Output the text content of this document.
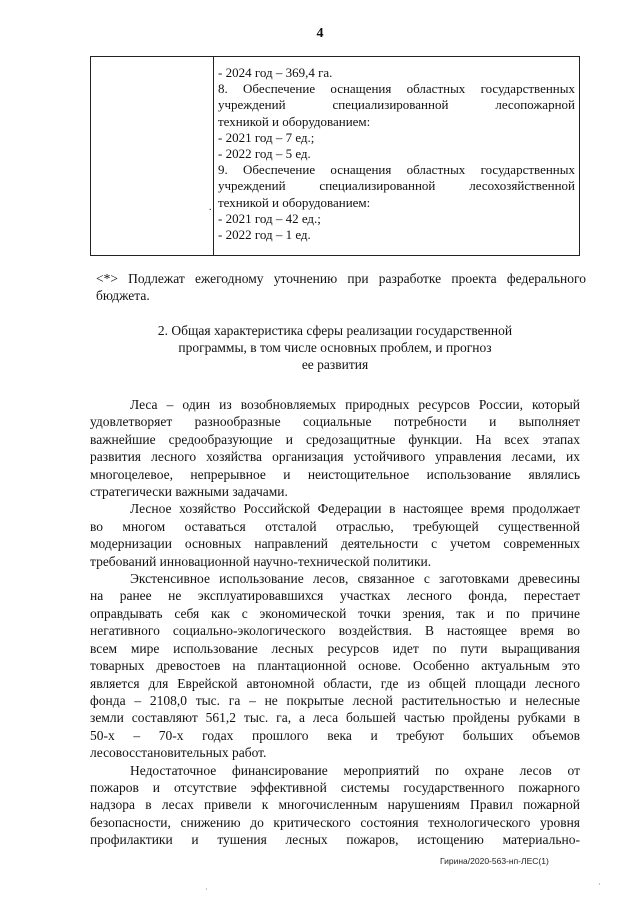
4
.
- 2024 год – 369,4 га.
8. Обеспечение оснащения областных государственных
учреждений специализированной лесопожарной
техникой и оборудованием:
- 2021 год – 7 ед.;
- 2022 год – 5 ед.
9. Обеспечение оснащения областных государственных
учреждений специализированной лесохозяйственной
техникой и оборудованием:
- 2021 год – 42 ед.;
- 2022 год – 1 ед.
<*> Подлежат ежегодному уточнению при разработке проекта федерального
бюджета.
2. Общая характеристика сферы реализации государственной
программы, в том числе основных проблем, и прогноз
ее развития
Леса – один из возобновляемых природных ресурсов России, который
удовлетворяет разнообразные социальные потребности и выполняет
важнейшие средообразующие и средозащитные функции. На всех этапах
развития лесного хозяйства организация устойчивого управления лесами, их
многоцелевое, непрерывное и неистощительное использование являлись
стратегически важными задачами.
Лесное хозяйство Российской Федерации в настоящее время продолжает
во многом оставаться отсталой отраслью, требующей существенной
модернизации основных направлений деятельности с учетом современных
требований инновационной научно-технической политики.
Экстенсивное использование лесов, связанное с заготовками древесины
на ранее не эксплуатировавшихся участках лесного фонда, перестает
оправдывать себя как с экономической точки зрения, так и по причине
негативного социально-экологического воздействия. В настоящее время во
всем мире использование лесных ресурсов идет по пути выращивания
товарных древостоев на плантационной основе. Особенно актуальным это
является для Еврейской автономной области, где из общей площади лесного
фонда – 2108,0 тыс. га – не покрытые лесной растительностью и нелесные
земли составляют 561,2 тыс. га, а леса большей частью пройдены рубками в
50-х – 70-х годах прошлого века и требуют больших объемов
лесовосстановительных работ.
Недостаточное финансирование мероприятий по охране лесов от
пожаров и отсутствие эффективной системы государственного пожарного
надзора в лесах привели к многочисленным нарушениям Правил пожарной
безопасности, снижению до критического состояния технологического уровня
профилактики и тушения лесных пожаров, истощению материально-
Гирина/2020-563-нп-ЛЕС(1)
·
·
